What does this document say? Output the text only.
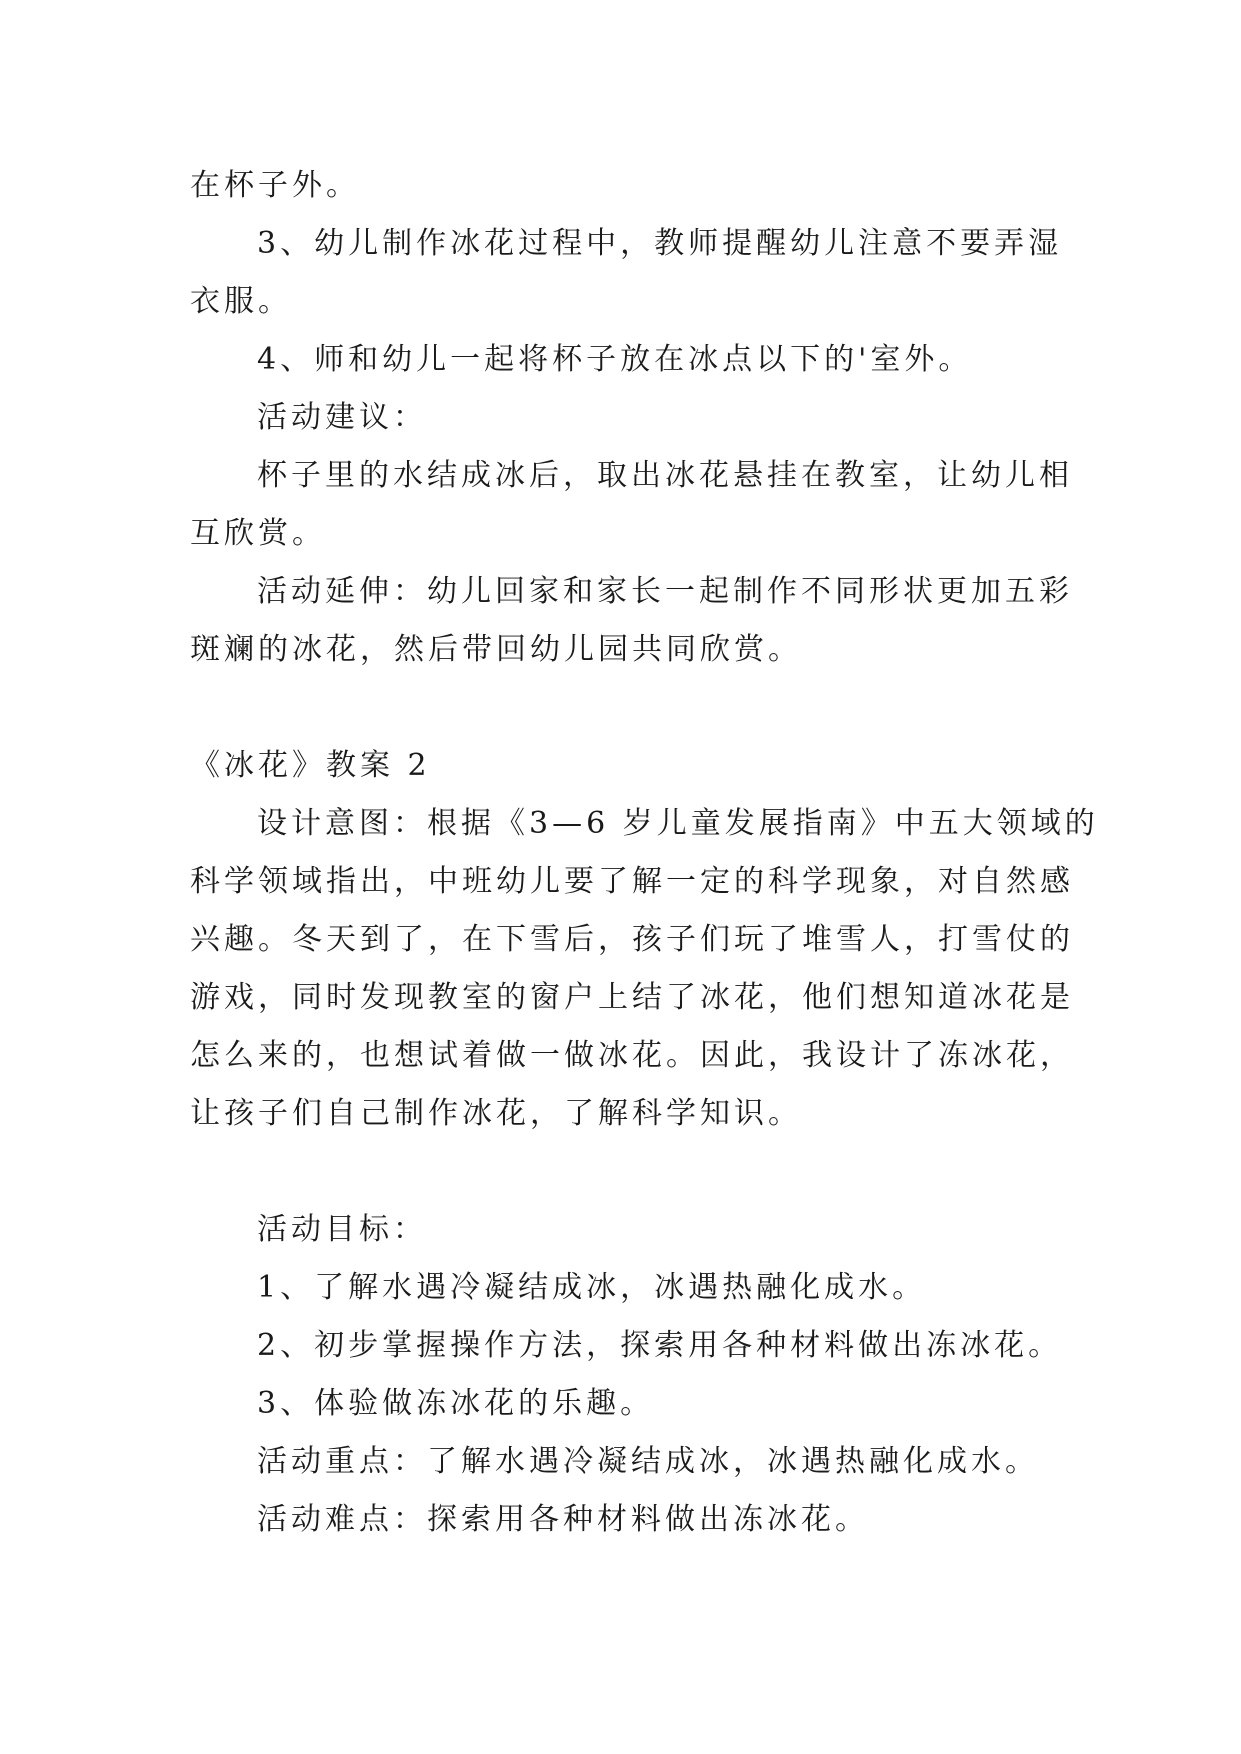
在杯子外。
3、幼儿制作冰花过程中，教师提醒幼儿注意不要弄湿
衣服。
4、师和幼儿一起将杯子放在冰点以下的'室外。
活动建议：
杯子里的水结成冰后，取出冰花悬挂在教室，让幼儿相
互欣赏。
活动延伸：幼儿回家和家长一起制作不同形状更加五彩
斑斓的冰花，然后带回幼儿园共同欣赏。
《冰花》教案 2
设计意图：根据《3—6 岁儿童发展指南》中五大领域的
科学领域指出，中班幼儿要了解一定的科学现象，对自然感
兴趣。冬天到了，在下雪后，孩子们玩了堆雪人，打雪仗的
游戏，同时发现教室的窗户上结了冰花，他们想知道冰花是
怎么来的，也想试着做一做冰花。因此，我设计了冻冰花，
让孩子们自己制作冰花，了解科学知识。
活动目标：
1、了解水遇冷凝结成冰，冰遇热融化成水。
2、初步掌握操作方法，探索用各种材料做出冻冰花。
3、体验做冻冰花的乐趣。
活动重点：了解水遇冷凝结成冰，冰遇热融化成水。
活动难点：探索用各种材料做出冻冰花。
